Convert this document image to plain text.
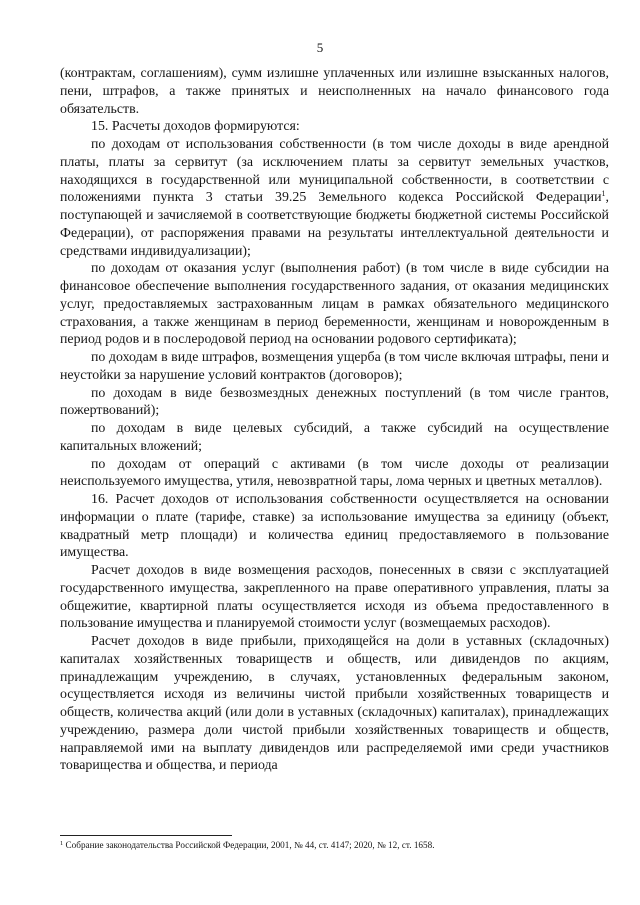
5

(контрактам, соглашениям), сумм излишне уплаченных или излишне взысканных налогов, пени, штрафов, а также принятых и неисполненных на начало финансового года обязательств.

15. Расчеты доходов формируются:

по доходам от использования собственности (в том числе доходы в виде арендной платы, платы за сервитут (за исключением платы за сервитут земельных участков, находящихся в государственной или муниципальной собственности, в соответствии с положениями пункта 3 статьи 39.25 Земельного кодекса Российской Федерации$^1$, поступающей и зачисляемой в соответствующие бюджеты бюджетной системы Российской Федерации), от распоряжения правами на результаты интеллектуальной деятельности и средствами индивидуализации);

по доходам от оказания услуг (выполнения работ) (в том числе в виде субсидии на финансовое обеспечение выполнения государственного задания, от оказания медицинских услуг, предоставляемых застрахованным лицам в рамках обязательного медицинского страхования, а также женщинам в период беременности, женщинам и новорожденным в период родов и в послеродовой период на основании родового сертификата);

по доходам в виде штрафов, возмещения ущерба (в том числе включая штрафы, пени и неустойки за нарушение условий контрактов (договоров);

по доходам в виде безвозмездных денежных поступлений (в том числе грантов, пожертвований);

по доходам в виде целевых субсидий, а также субсидий на осуществление капитальных вложений;

по доходам от операций с активами (в том числе доходы от реализации неиспользуемого имущества, утиля, невозвратной тары, лома черных и цветных металлов).

16. Расчет доходов от использования собственности осуществляется на основании информации о плате (тарифе, ставке) за использование имущества за единицу (объект, квадратный метр площади) и количества единиц предоставляемого в пользование имущества.

Расчет доходов в виде возмещения расходов, понесенных в связи с эксплуатацией государственного имущества, закрепленного на праве оперативного управления, платы за общежитие, квартирной платы осуществляется исходя из объема предоставленного в пользование имущества и планируемой стоимости услуг (возмещаемых расходов).

Расчет доходов в виде прибыли, приходящейся на доли в уставных (складочных) капиталах хозяйственных товариществ и обществ, или дивидендов по акциям, принадлежащим учреждению, в случаях, установленных федеральным законом, осуществляется исходя из величины чистой прибыли хозяйственных товариществ и обществ, количества акций (или доли в уставных (складочных) капиталах), принадлежащих учреждению, размера доли чистой прибыли хозяйственных товариществ и обществ, направляемой ими на выплату дивидендов или распределяемой ими среди участников товарищества и общества, и периода

$^1$ Собрание законодательства Российской Федерации, 2001, № 44, ст. 4147; 2020, № 12, ст. 1658.
